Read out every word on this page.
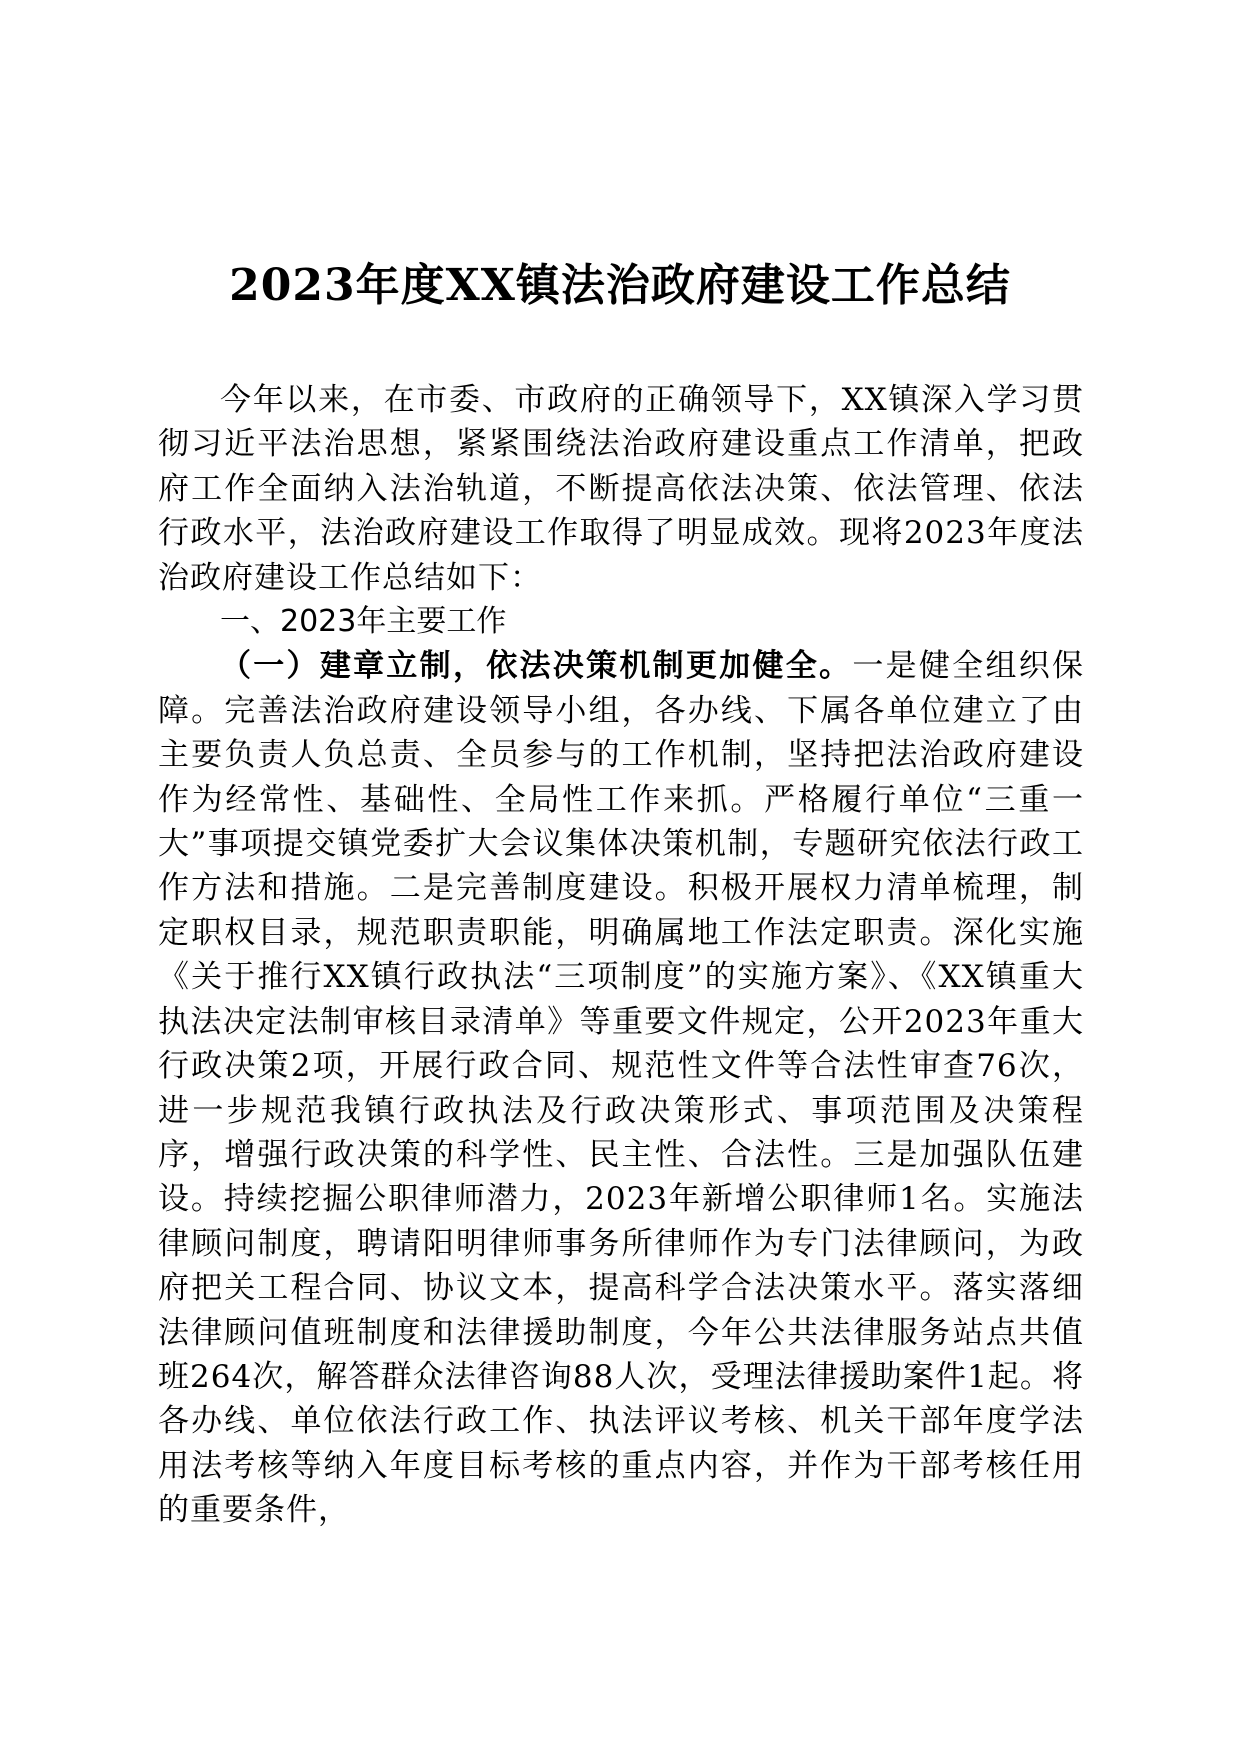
2023年度XX镇法治政府建设工作总结

今年以来，在市委、市政府的正确领导下，XX镇深入学习贯彻习近平法治思想，紧紧围绕法治政府建设重点工作清单，把政府工作全面纳入法治轨道，不断提高依法决策、依法管理、依法行政水平，法治政府建设工作取得了明显成效。现将2023年度法治政府建设工作总结如下：

一、2023年主要工作

（一）建章立制，依法决策机制更加健全。一是健全组织保障。完善法治政府建设领导小组，各办线、下属各单位建立了由主要负责人负总责、全员参与的工作机制，坚持把法治政府建设作为经常性、基础性、全局性工作来抓。严格履行单位“三重一大”事项提交镇党委扩大会议集体决策机制，专题研究依法行政工作方法和措施。二是完善制度建设。积极开展权力清单梳理，制定职权目录，规范职责职能，明确属地工作法定职责。深化实施《关于推行XX镇行政执法“三项制度”的实施方案》、《XX镇重大执法决定法制审核目录清单》等重要文件规定，公开2023年重大行政决策2项，开展行政合同、规范性文件等合法性审查76次，进一步规范我镇行政执法及行政决策形式、事项范围及决策程序，增强行政决策的科学性、民主性、合法性。三是加强队伍建设。持续挖掘公职律师潜力，2023年新增公职律师1名。实施法律顾问制度，聘请阳明律师事务所律师作为专门法律顾问，为政府把关工程合同、协议文本，提高科学合法决策水平。落实落细法律顾问值班制度和法律援助制度，今年公共法律服务站点共值班264次，解答群众法律咨询88人次，受理法律援助案件1起。将各办线、单位依法行政工作、执法评议考核、机关干部年度学法用法考核等纳入年度目标考核的重点内容，并作为干部考核任用的重要条件，
